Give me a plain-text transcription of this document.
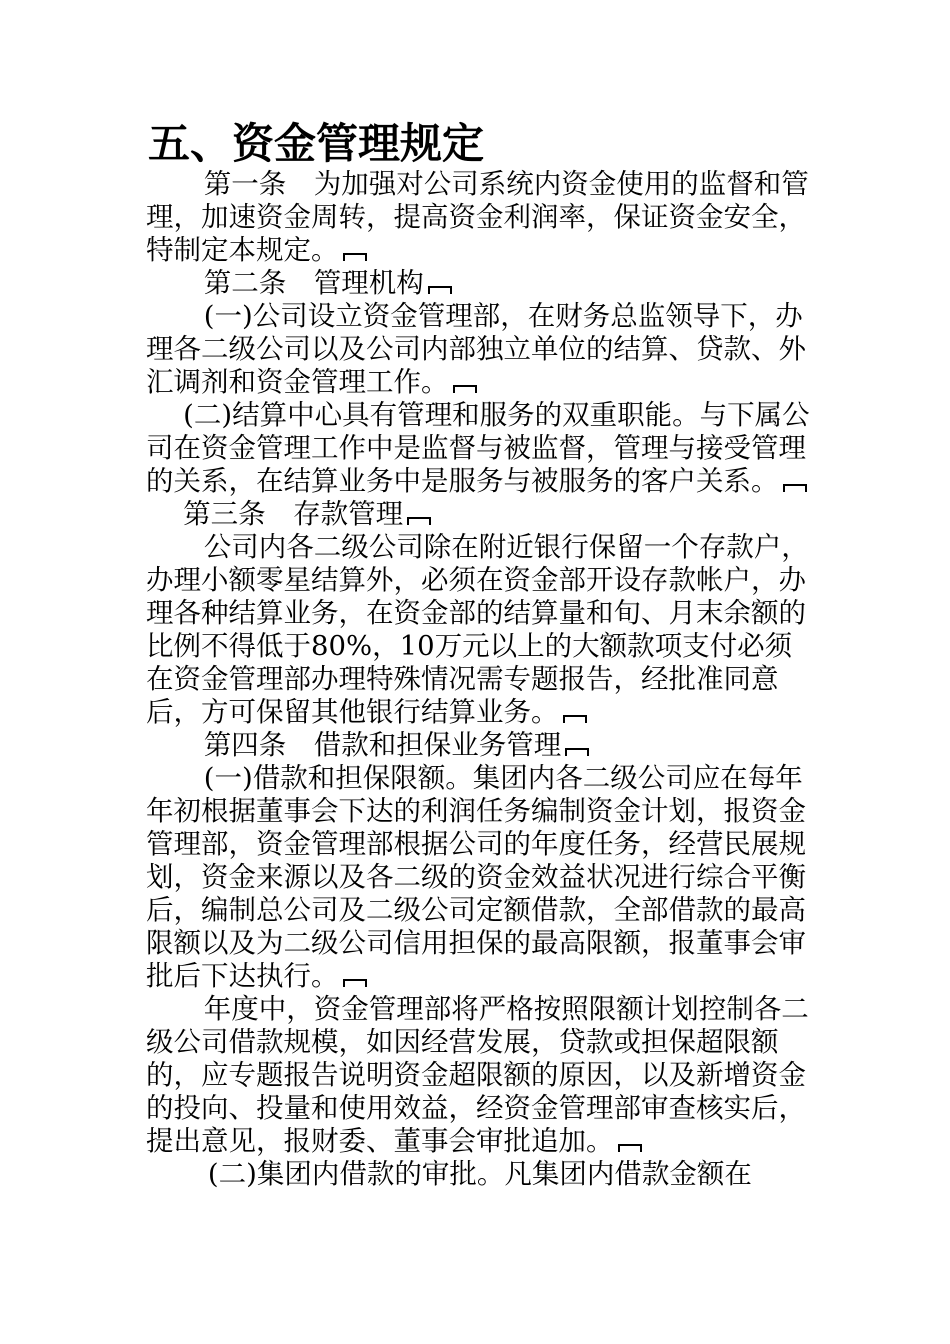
五、资金管理规定

第一条　为加强对公司系统内资金使用的监督和管理，加速资金周转，提高资金利润率，保证资金安全，特制定本规定。

第二条　管理机构

(一)公司设立资金管理部，在财务总监领导下，办理各二级公司以及公司内部独立单位的结算、贷款、外汇调剂和资金管理工作。

(二)结算中心具有管理和服务的双重职能。与下属公司在资金管理工作中是监督与被监督，管理与接受管理的关系，在结算业务中是服务与被服务的客户关系。

第三条　存款管理

公司内各二级公司除在附近银行保留一个存款户，办理小额零星结算外，必须在资金部开设存款帐户，办理各种结算业务，在资金部的结算量和旬、月末余额的比例不得低于80%，10万元以上的大额款项支付必须在资金管理部办理特殊情况需专题报告，经批准同意后，方可保留其他银行结算业务。

第四条　借款和担保业务管理

(一)借款和担保限额。集团内各二级公司应在每年年初根据董事会下达的利润任务编制资金计划，报资金管理部，资金管理部根据公司的年度任务，经营民展规划，资金来源以及各二级的资金效益状况进行综合平衡后，编制总公司及二级公司定额借款，全部借款的最高限额以及为二级公司信用担保的最高限额，报董事会审批后下达执行。

年度中，资金管理部将严格按照限额计划控制各二级公司借款规模，如因经营发展，贷款或担保超限额的，应专题报告说明资金超限额的原因，以及新增资金的投向、投量和使用效益，经资金管理部审查核实后，提出意见，报财委、董事会审批追加。

(二)集团内借款的审批。凡集团内借款金额在
